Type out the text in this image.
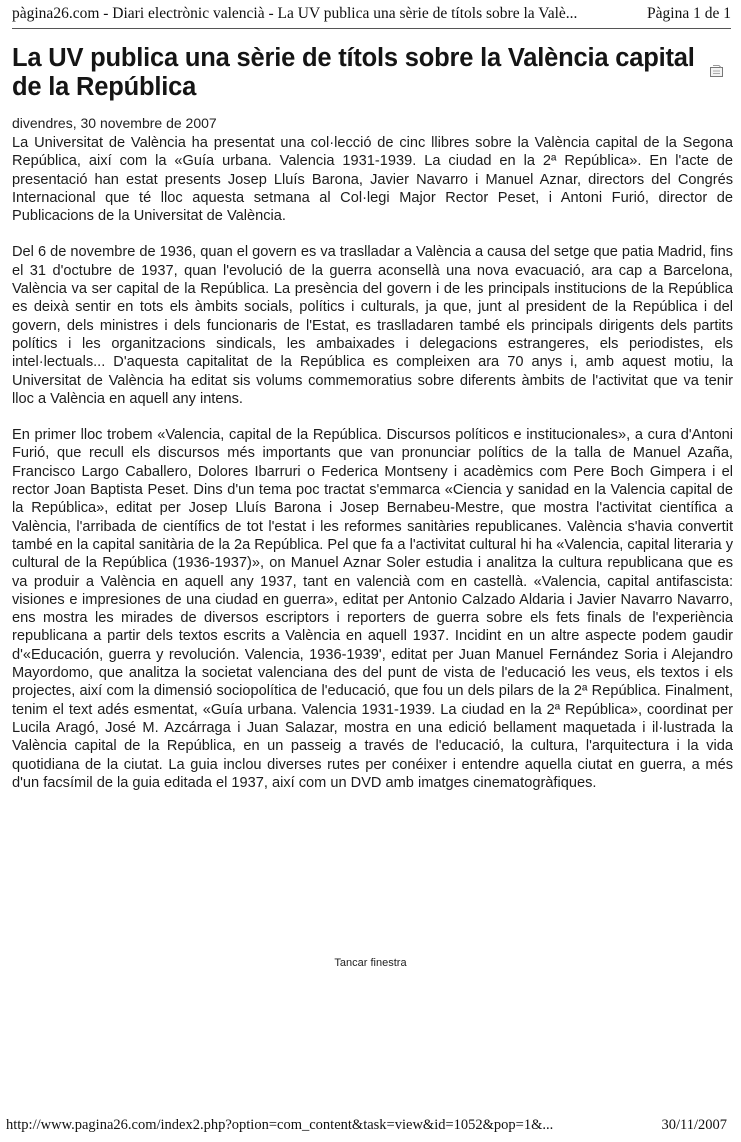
pàgina26.com - Diari electrònic valencià - La UV publica una sèrie de títols sobre la Valè...	Pàgina 1 de 1
La UV publica una sèrie de títols sobre la València capital de la República
divendres, 30 novembre de 2007

La Universitat de València ha presentat una col·lecció de cinc llibres sobre la València capital de la Segona República, així com la «Guía urbana. Valencia 1931-1939. La ciudad en la 2ª República». En l'acte de presentació han estat presents Josep Lluís Barona, Javier Navarro i Manuel Aznar, directors del Congrés Internacional que té lloc aquesta setmana al Col·legi Major Rector Peset, i Antoni Furió, director de Publicacions de la Universitat de València.

Del 6 de novembre de 1936, quan el govern es va traslladar a València a causa del setge que patia Madrid, fins el 31 d'octubre de 1937, quan l'evolució de la guerra aconsellà una nova evacuació, ara cap a Barcelona, València va ser capital de la República. La presència del govern i de les principals institucions de la República es deixà sentir en tots els àmbits socials, polítics i culturals, ja que, junt al president de la República i del govern, dels ministres i dels funcionaris de l'Estat, es traslladaren també els principals dirigents dels partits polítics i les organitzacions sindicals, les ambaixades i delegacions estrangeres, els periodistes, els intel·lectuals... D'aquesta capitalitat de la República es compleixen ara 70 anys i, amb aquest motiu, la Universitat de València ha editat sis volums commemoratius sobre diferents àmbits de l'activitat que va tenir lloc a València en aquell any intens.

En primer lloc trobem «Valencia, capital de la República. Discursos políticos e institucionales», a cura d'Antoni Furió, que recull els discursos més importants que van pronunciar polítics de la talla de Manuel Azaña, Francisco Largo Caballero, Dolores Ibarruri o Federica Montseny i acadèmics com Pere Boch Gimpera i el rector Joan Baptista Peset. Dins d'un tema poc tractat s'emmarca «Ciencia y sanidad en la Valencia capital de la República», editat per Josep Lluís Barona i Josep Bernabeu-Mestre, que mostra l'activitat científica a València, l'arribada de científics de tot l'estat i les reformes sanitàries republicanes. València s'havia convertit també en la capital sanitària de la 2a República. Pel que fa a l'activitat cultural hi ha «Valencia, capital literaria y cultural de la República (1936-1937)», on Manuel Aznar Soler estudia i analitza la cultura republicana que es va produir a València en aquell any 1937, tant en valencià com en castellà. «Valencia, capital antifascista: visiones e impresiones de una ciudad en guerra», editat per Antonio Calzado Aldaria i Javier Navarro Navarro, ens mostra les mirades de diversos escriptors i reporters de guerra sobre els fets finals de l'experiència republicana a partir dels textos escrits a València en aquell 1937. Incidint en un altre aspecte podem gaudir d'«Educación, guerra y revolución. Valencia, 1936-1939', editat per Juan Manuel Fernández Soria i Alejandro Mayordomo, que analitza la societat valenciana des del punt de vista de l'educació les veus, els textos i els projectes, així com la dimensió sociopolítica de l'educació, que fou un dels pilars de la 2ª República. Finalment, tenim el text adés esmentat, «Guía urbana. Valencia 1931-1939. La ciudad en la 2ª República», coordinat per Lucila Aragó, José M. Azcárraga i Juan Salazar, mostra en una edició bellament maquetada i il·lustrada la València capital de la República, en un passeig a través de l'educació, la cultura, l'arquitectura i la vida quotidiana de la ciutat. La guia inclou diverses rutes per conéixer i entendre aquella ciutat en guerra, a més d'un facsímil de la guia editada el 1937, així com un DVD amb imatges cinematogràfiques.

Tancar finestra
http://www.pagina26.com/index2.php?option=com_content&task=view&id=1052&pop=1&...	30/11/2007
